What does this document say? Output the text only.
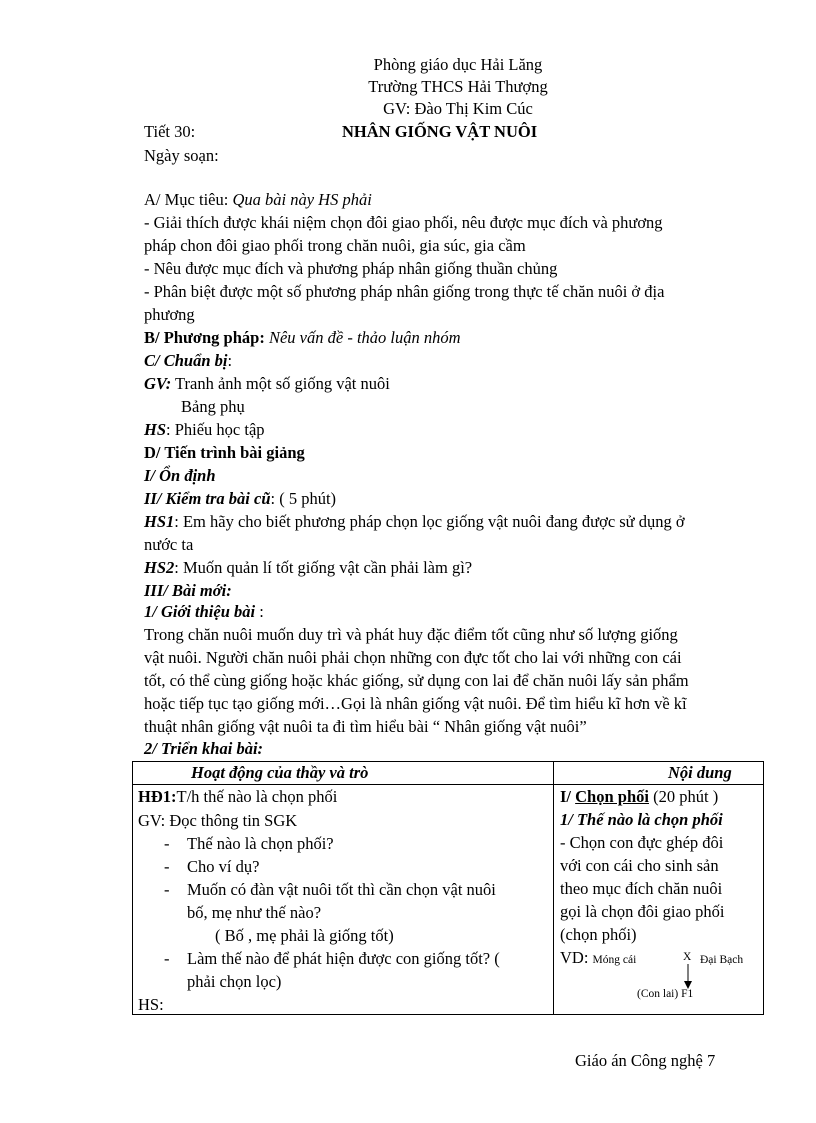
Phòng giáo dục Hải Lăng
Trường THCS Hải Thượng
GV: Đào Thị Kim Cúc
Tiết 30:	NHÂN GIỐNG VẬT NUÔI
Ngày soạn:
A/ Mục tiêu: Qua bài này HS phải
- Giải thích được khái niệm chọn đôi giao phối, nêu được mục đích và phương
pháp chon đôi giao phối trong chăn nuôi, gia súc, gia cầm
- Nêu được mục đích và phương pháp nhân giống thuần chủng
- Phân biệt được một số phương pháp nhân giống trong thực tế chăn nuôi ở địa
phương
B/ Phương pháp: Nêu vấn đề - thảo luận nhóm
C/ Chuẩn bị:
GV: Tranh ảnh một số giống vật nuôi
Bảng phụ
HS: Phiếu học tập
D/ Tiến trình bài giảng
I/ Ổn định
II/ Kiểm tra bài cũ: ( 5 phút)
HS1: Em hãy cho biết phương pháp chọn lọc giống vật nuôi đang được sử dụng ở
nước ta
HS2: Muốn quản lí tốt giống vật cần phải làm gì?
III/ Bài mới:
1/ Giới thiệu bài :
Trong chăn nuôi muốn duy trì và phát huy đặc điểm tốt cũng như số lượng giống
vật nuôi. Người chăn nuôi phải chọn những con đực tốt cho lai với những con cái
tốt, có thể cùng giống hoặc khác giống, sử dụng con lai để chăn nuôi lấy sản phẩm
hoặc tiếp tục tạo giống mới…Gọi là nhân giống vật nuôi. Để tìm hiểu kĩ hơn về kĩ
thuật nhân giống vật nuôi ta đi tìm hiểu bài “ Nhân giống vật nuôi”
2/ Triển khai bài:
Hoạt động của thầy và trò	Nội dung
HĐ1:T/h thế nào là chọn phối
GV: Đọc thông tin SGK
- Thế nào là chọn phối?
- Cho ví dụ?
- Muốn có đàn vật nuôi tốt thì cần chọn vật nuôi
bố, mẹ như thế nào?
( Bố , mẹ phải là giống tốt)
- Làm thế nào để phát hiện được con giống tốt? (
phải chọn lọc)
HS:
I/ Chọn phối (20 phút )
1/ Thế nào là chọn phối
- Chọn con đực ghép đôi
với con cái cho sinh sản
theo mục đích chăn nuôi
gọi là chọn đôi giao phối
(chọn phối)
VD: Móng cái	X Đại Bạch
(Con lai) F1
Giáo án Công nghệ 7
